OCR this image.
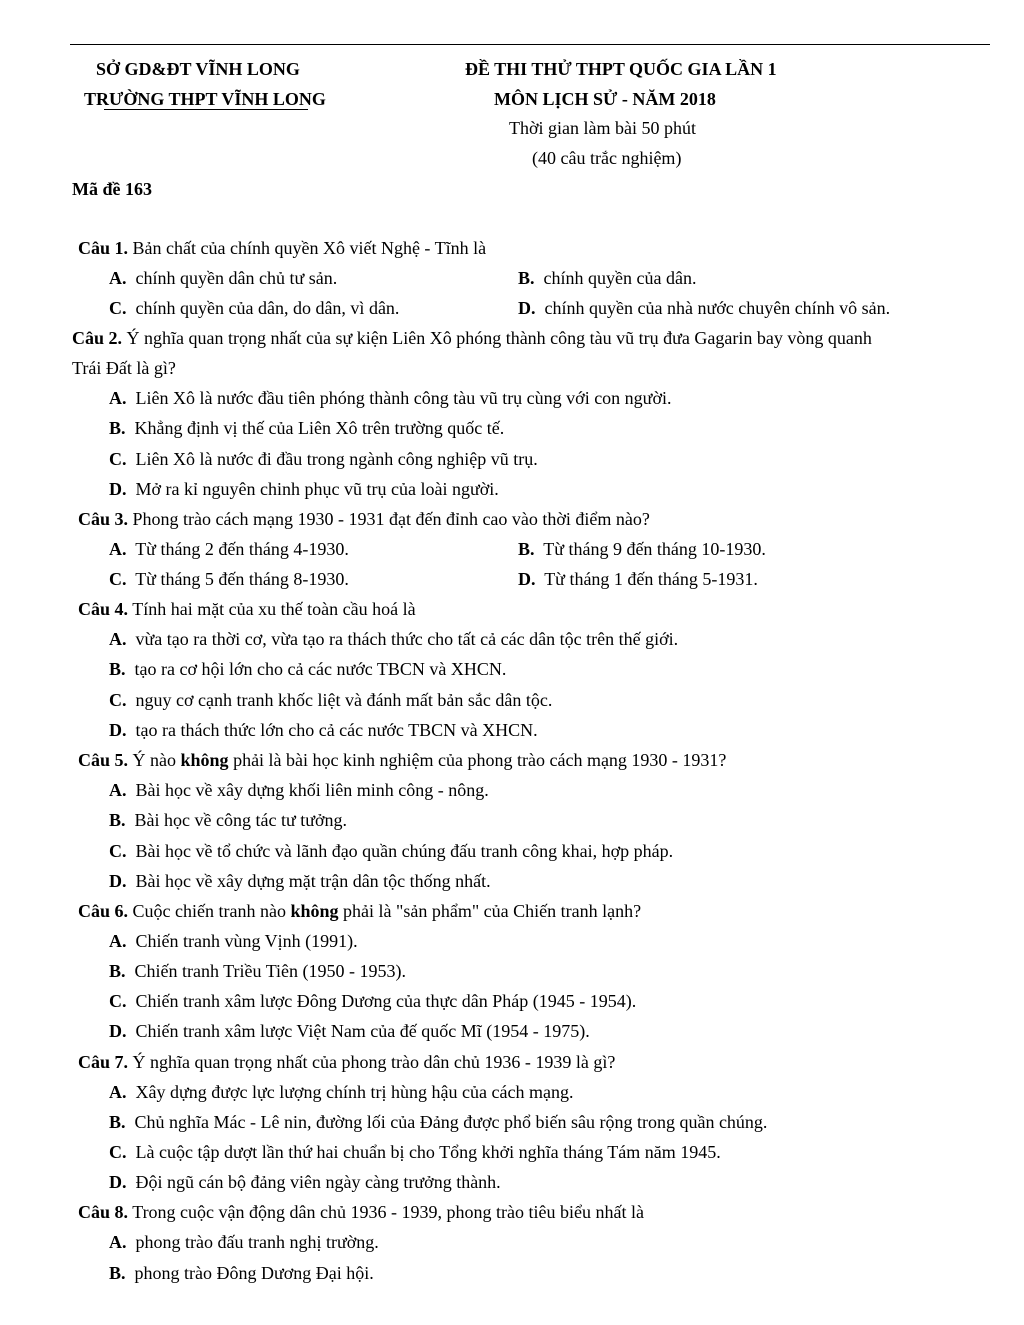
SỞ GD&ĐT VĨNH LONG
TRƯỜNG THPT VĨNH LONG
ĐỀ THI THỬ THPT QUỐC GIA LẦN 1
MÔN LỊCH SỬ - NĂM 2018
Thời gian làm bài 50 phút
(40 câu trắc nghiệm)
Mã đề 163
Câu 1. Bản chất của chính quyền Xô viết Nghệ - Tĩnh là
A. chính quyền dân chủ tư sản.	B. chính quyền của dân.
C. chính quyền của dân, do dân, vì dân.	D. chính quyền của nhà nước chuyên chính vô sản.
Câu 2. Ý nghĩa quan trọng nhất của sự kiện Liên Xô phóng thành công tàu vũ trụ đưa Gagarin bay vòng quanh
Trái Đất là gì?
A. Liên Xô là nước đầu tiên phóng thành công tàu vũ trụ cùng với con người.
B. Khẳng định vị thế của Liên Xô trên trường quốc tế.
C. Liên Xô là nước đi đầu trong ngành công nghiệp vũ trụ.
D. Mở ra kỉ nguyên chinh phục vũ trụ của loài người.
Câu 3. Phong trào cách mạng 1930 - 1931 đạt đến đỉnh cao vào thời điểm nào?
A. Từ tháng 2 đến tháng 4-1930.	B. Từ tháng 9 đến tháng 10-1930.
C. Từ tháng 5 đến tháng 8-1930.	D. Từ tháng 1 đến tháng 5-1931.
Câu 4. Tính hai mặt của xu thế toàn cầu hoá là
A. vừa tạo ra thời cơ, vừa tạo ra thách thức cho tất cả các dân tộc trên thế giới.
B. tạo ra cơ hội lớn cho cả các nước TBCN và XHCN.
C. nguy cơ cạnh tranh khốc liệt và đánh mất bản sắc dân tộc.
D.  tạo ra thách thức lớn cho cả các nước TBCN và XHCN.
Câu 5. Ý nào không phải là bài học kinh nghiệm của phong trào cách mạng 1930 - 1931?
A. Bài học về xây dựng khối liên minh công - nông.
B. Bài học về công tác tư tưởng.
C. Bài học về tổ chức và lãnh đạo quần chúng đấu tranh công khai, hợp pháp.
D. Bài học về xây dựng mặt trận dân tộc thống nhất.
Câu 6. Cuộc chiến tranh nào không phải là "sản phẩm" của Chiến tranh lạnh?
A. Chiến tranh vùng Vịnh (1991).
B. Chiến tranh Triều Tiên (1950 - 1953).
C. Chiến tranh xâm lược Đông Dương của thực dân Pháp (1945 - 1954).
D. Chiến tranh xâm lược Việt Nam của đế quốc Mĩ (1954 - 1975).
Câu 7. Ý nghĩa quan trọng nhất của phong trào dân chủ 1936 - 1939 là gì?
A. Xây dựng được lực lượng chính trị hùng hậu của cách mạng.
B. Chủ nghĩa Mác - Lê nin, đường lối của Đảng được phổ biến sâu rộng trong quần chúng.
C. Là cuộc tập dượt lần thứ hai chuẩn bị cho Tổng khởi nghĩa tháng Tám năm 1945.
D. Đội ngũ cán bộ đảng viên ngày càng trưởng thành.
Câu 8. Trong cuộc vận động dân chủ 1936 - 1939, phong trào tiêu biểu nhất là
A. phong trào đấu tranh nghị trường.
B. phong trào Đông Dương Đại hội.
